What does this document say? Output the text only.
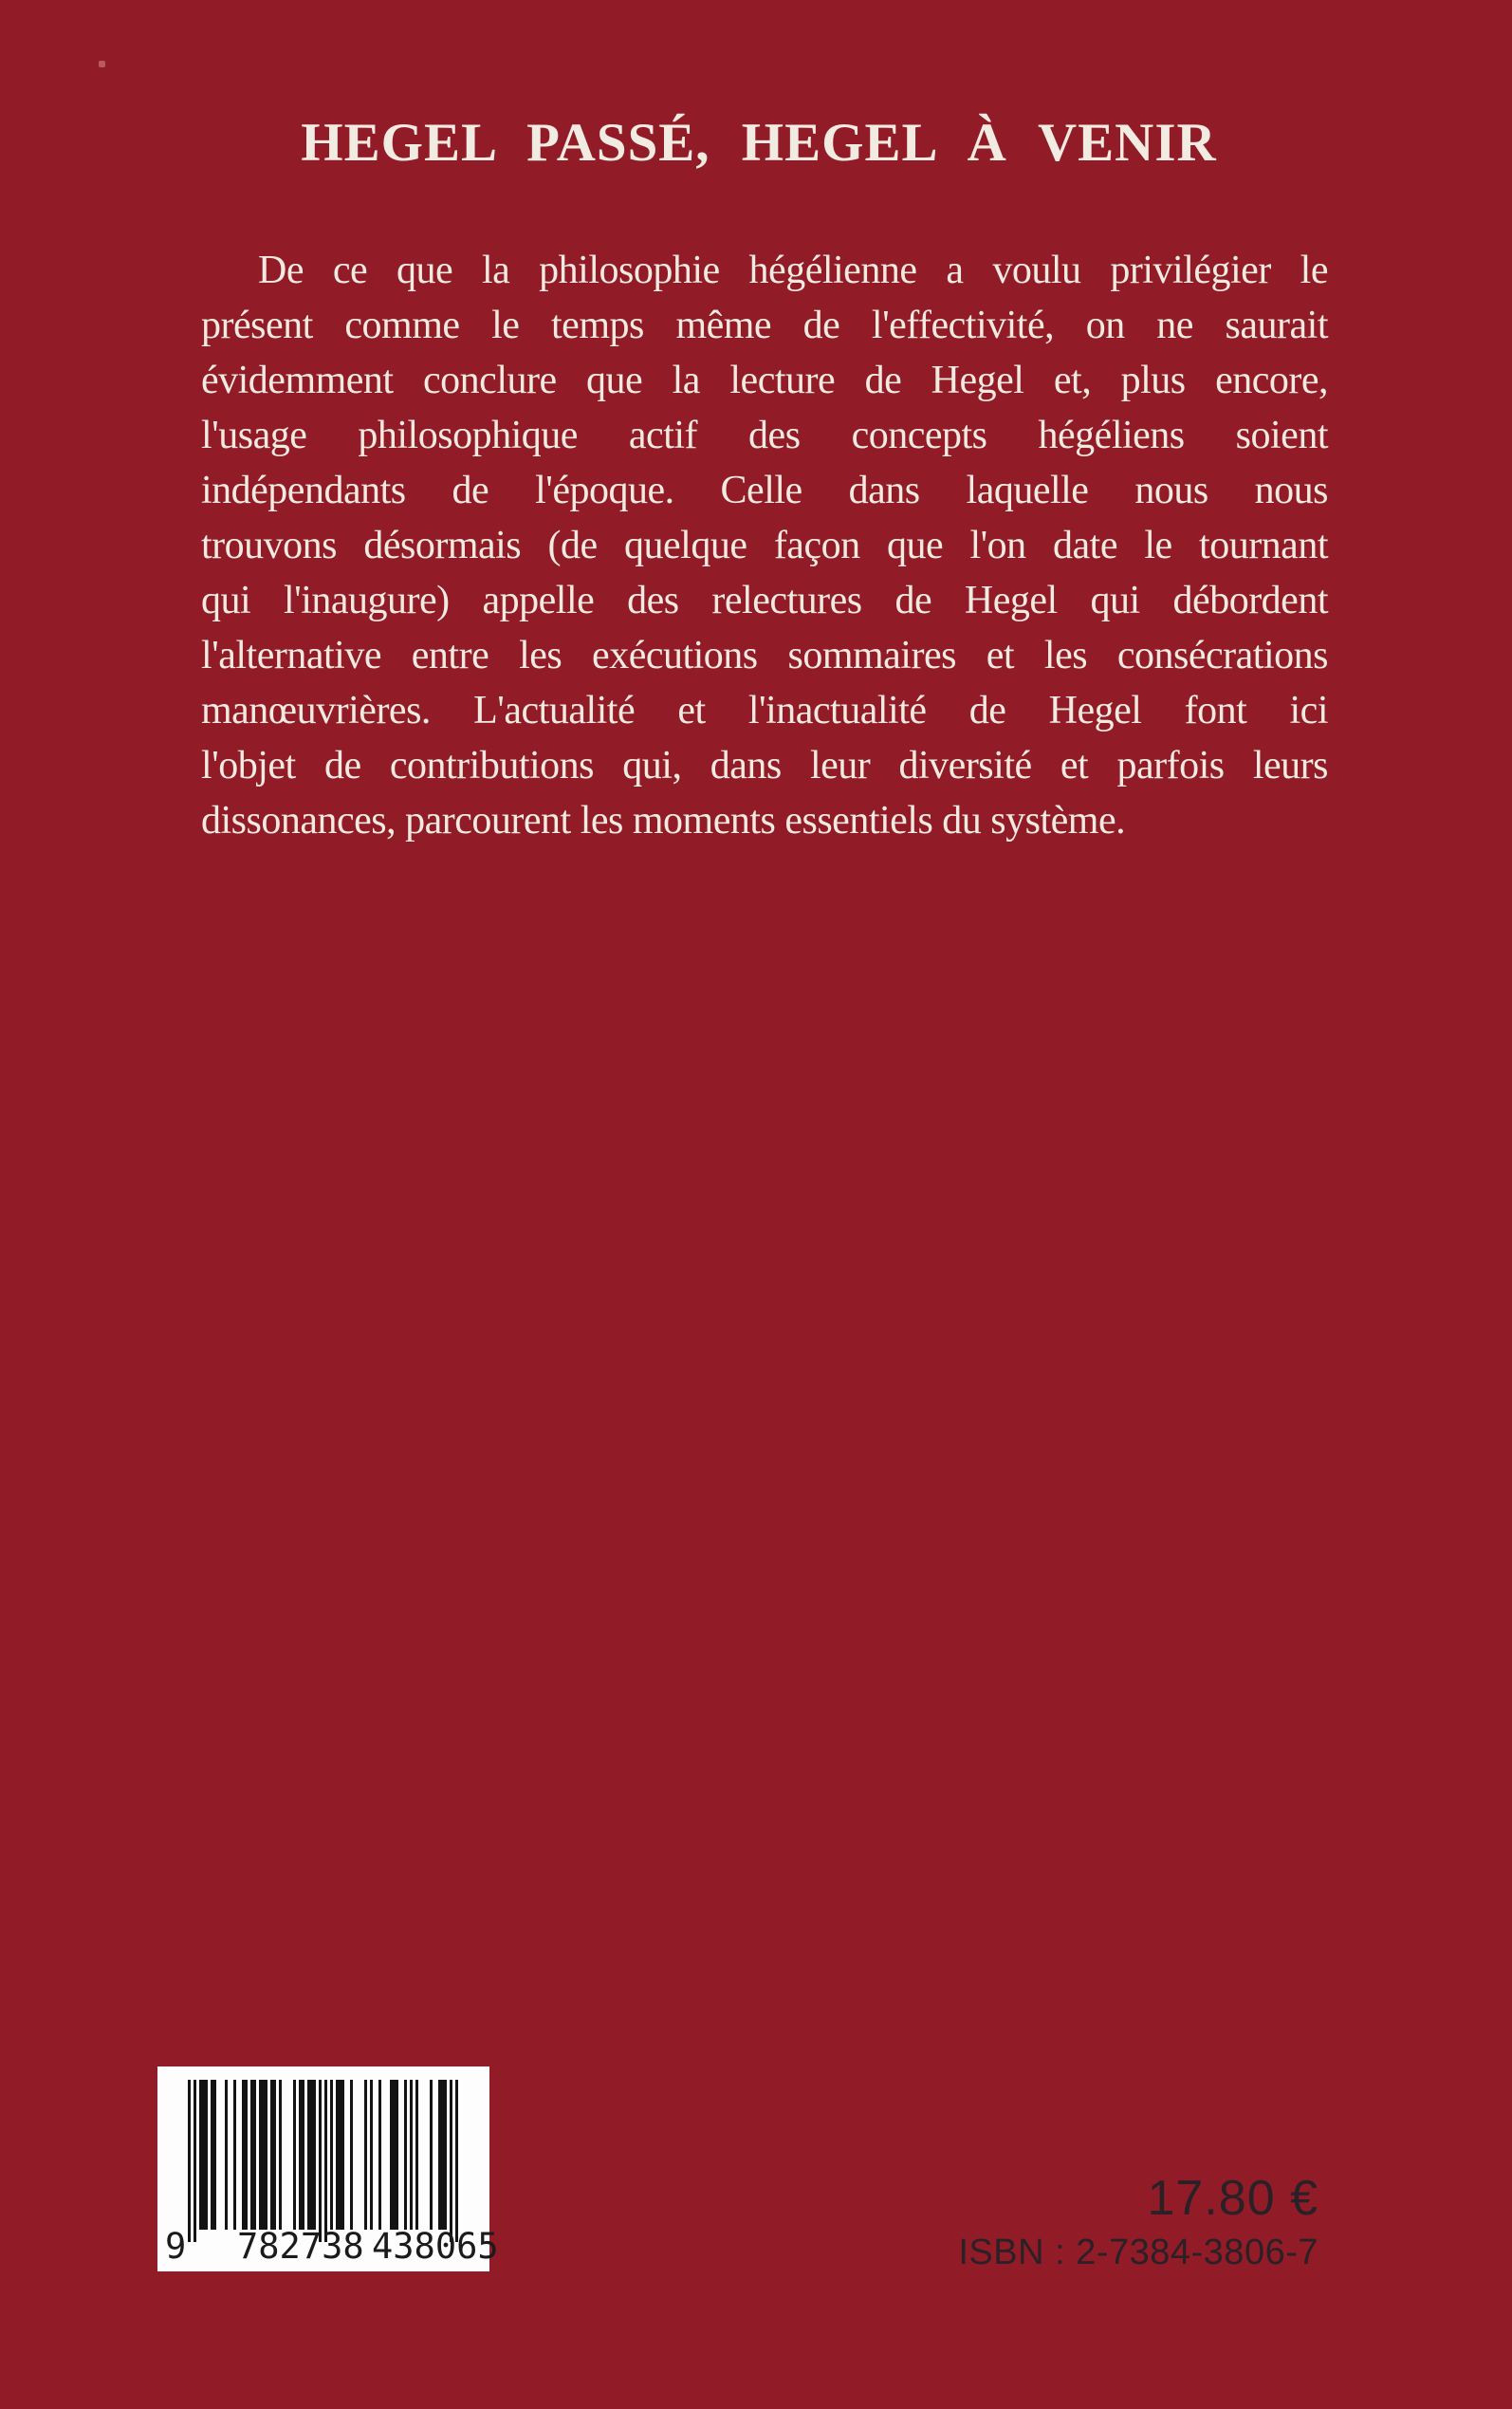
HEGEL PASSÉ, HEGEL À VENIR
De ce que la philosophie hégélienne a voulu privilégier le
présent comme le temps même de l'effectivité, on ne saurait
évidemment conclure que la lecture de Hegel et, plus encore,
l'usage philosophique actif des concepts hégéliens soient
indépendants de l'époque. Celle dans laquelle nous nous
trouvons désormais (de quelque façon que l'on date le tournant
qui l'inaugure) appelle des relectures de Hegel qui débordent
l'alternative entre les exécutions sommaires et les consécrations
manœuvrières. L'actualité et l'inactualité de Hegel font ici
l'objet de contributions qui, dans leur diversité et parfois leurs
dissonances, parcourent les moments essentiels du système.
9 782738 438065
17.80 €
ISBN : 2-7384-3806-7
